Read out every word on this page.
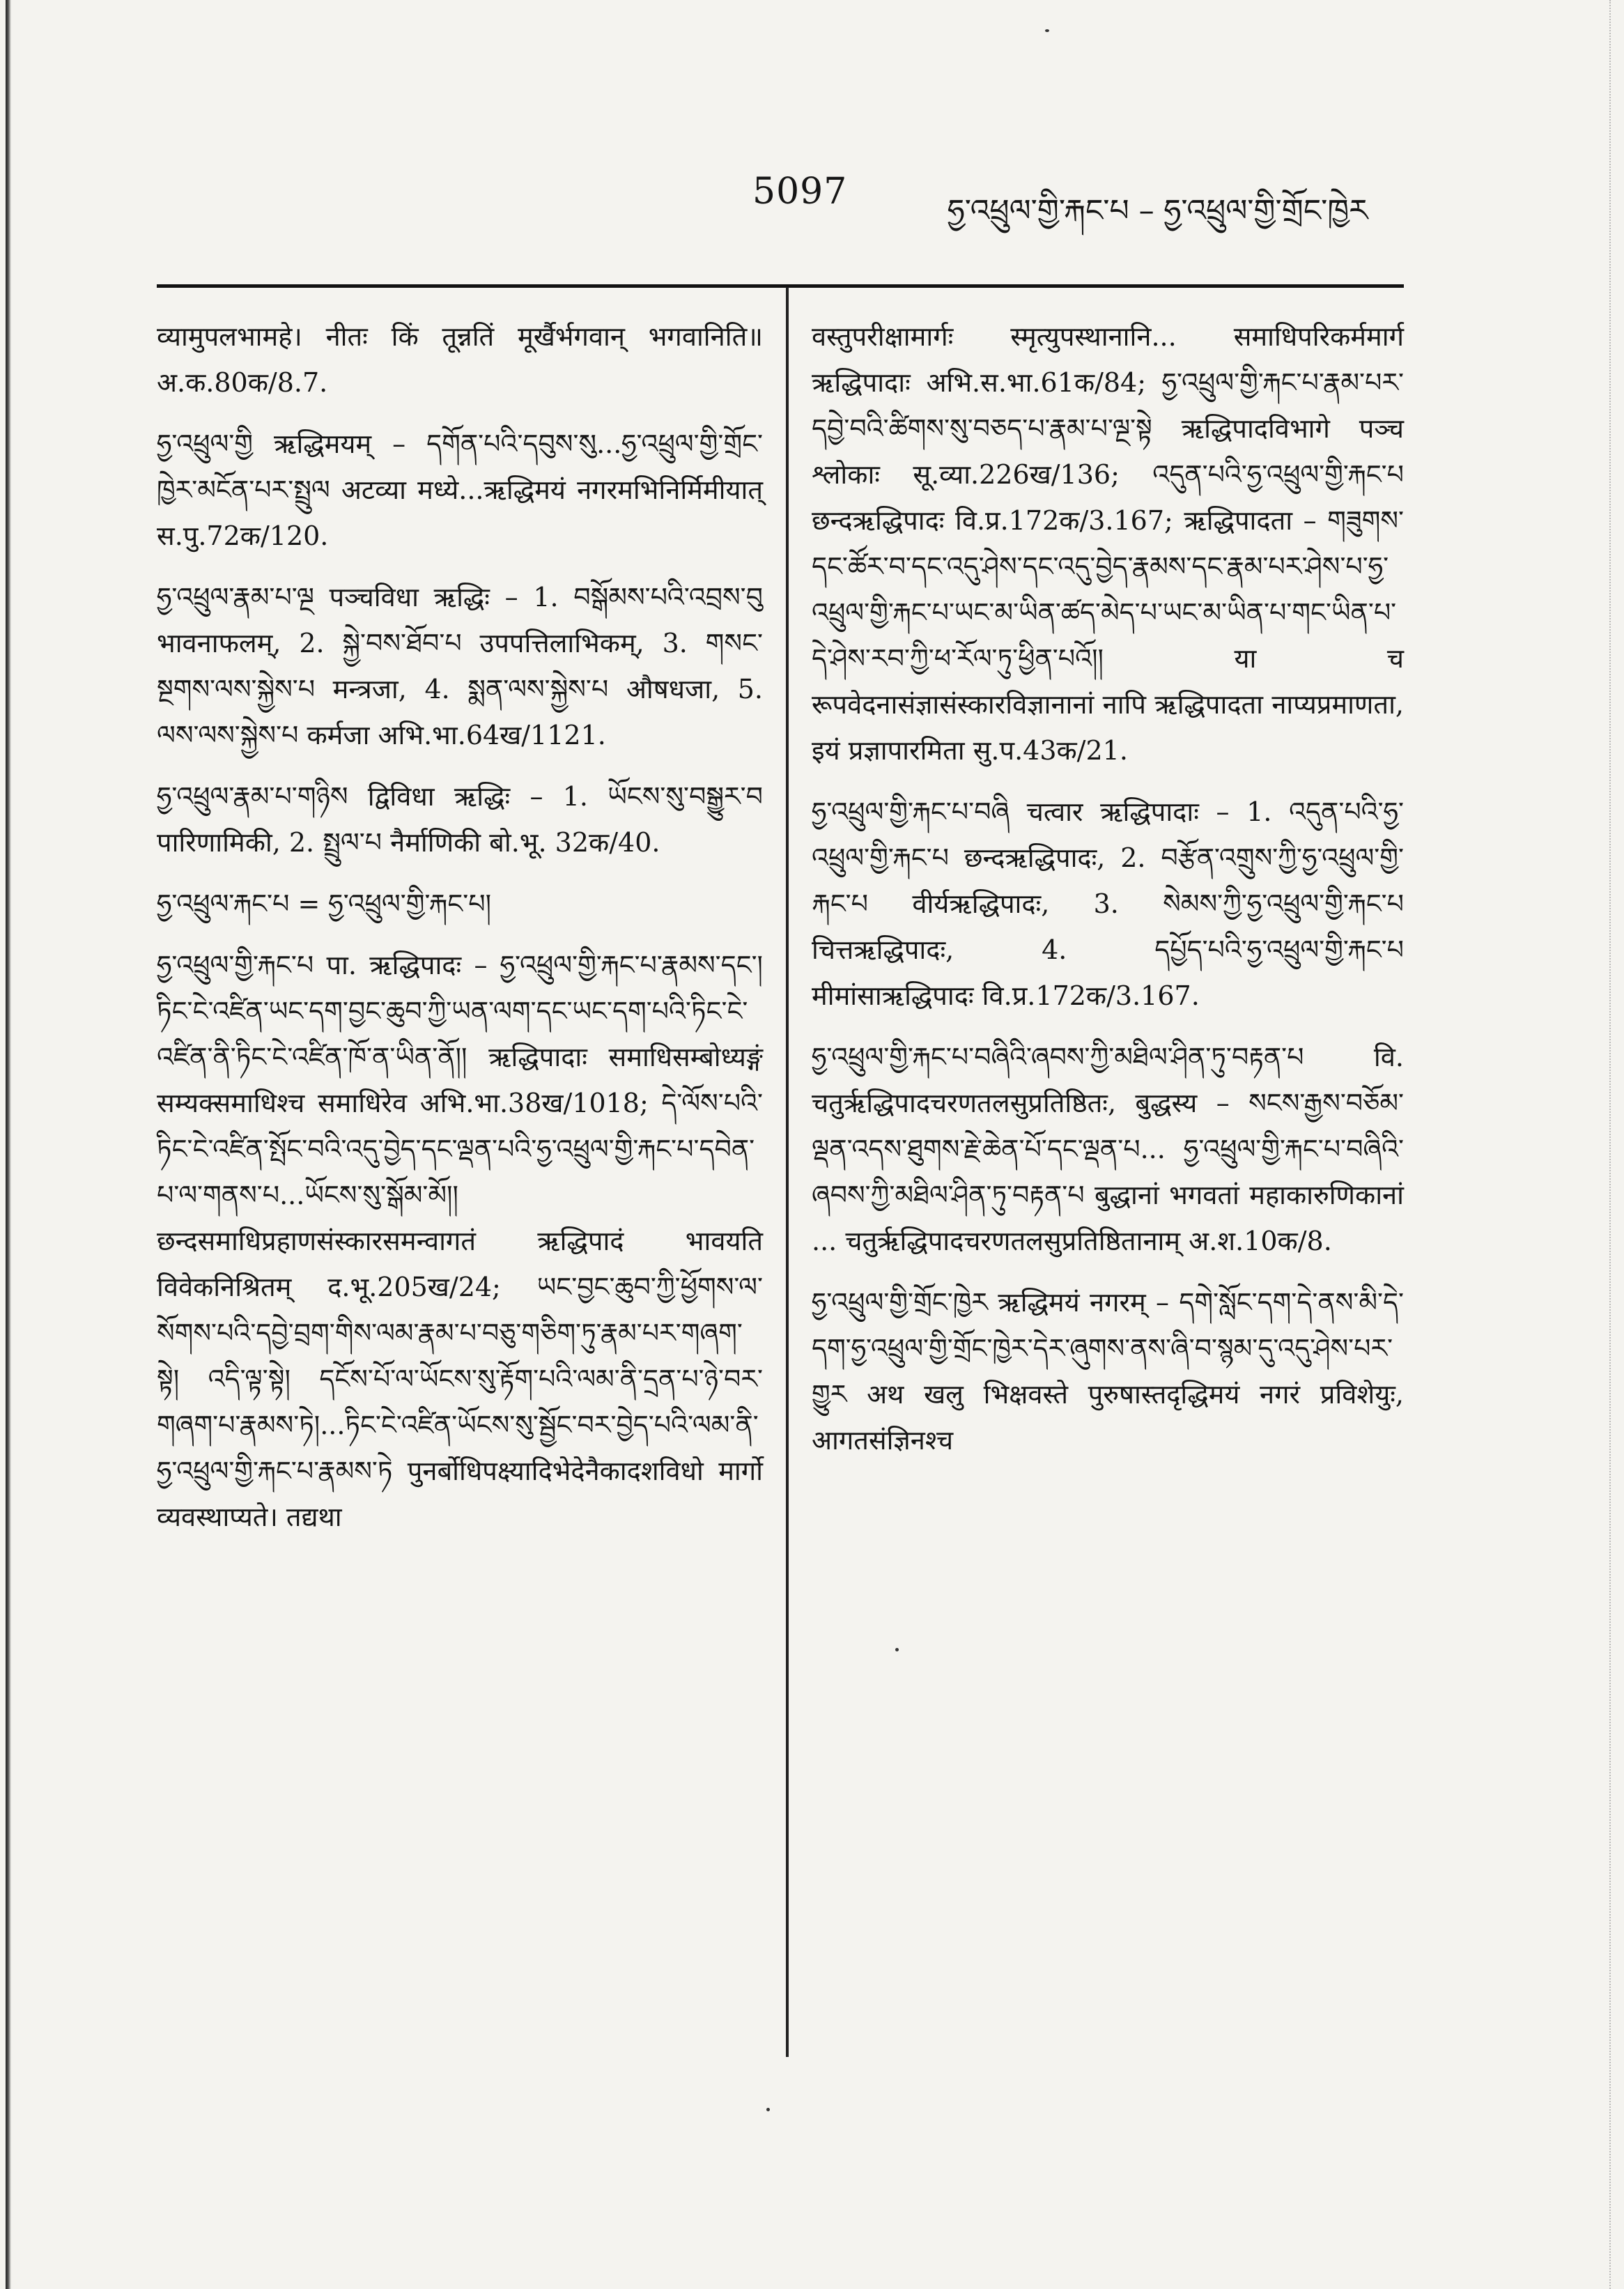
5097	ཧྱ་འཕྲུལ་གྱི་རྐང་པ – ཧྱ་འཕྲུལ་གྱི་གྲོང་ཁྱེར

व्यामुपलभामहे। नीतः किं तून्नतिं मूर्खैर्भगवान् भगवानिति॥ अ.क.80क/8.7.

ཧྱ་འཕྲུལ་གྱི ऋद्धिमयम् – དགོན་པའི་དབུས་སུ...ཧྱ་འཕྲུལ་གྱི་གྲོང་ཁྱེར་མངོན་པར་སྤྲུལ अटव्या मध्ये...ऋद्धिमयं नगरमभिनिर्मिमीयात् स.पु.72क/120.

ཧྱ་འཕྲུལ་རྣམ་པ་ལྔ पञ्चविधा ऋद्धिः – 1. བསྒོམས་པའི་འབྲས་བུ भावनाफलम्, 2. སྐྱེ་བས་ཐོབ་པ उपपत्तिलाभिकम्, 3. གསང་སྔགས་ལས་སྐྱེས་པ मन्त्रजा, 4. སྨན་ལས་སྐྱེས་པ औषधजा, 5. ལས་ལས་སྐྱེས་པ कर्मजा अभि.भा.64ख/1121.

ཧྱ་འཕྲུལ་རྣམ་པ་གཉིས द्विविधा ऋद्धिः – 1. ཡོངས་སུ་བསྒྱུར་བ पारिणामिकी, 2. སྤྲུལ་པ नैर्माणिकी बो.भू. 32क/40.

ཧྱ་འཕྲུལ་རྐང་པ = ཧྱ་འཕྲུལ་གྱི་རྐང་པ།

ཧྱ་འཕྲུལ་གྱི་རྐང་པ पा. ऋद्धिपादः – ཧྱ་འཕྲུལ་གྱི་རྐང་པ་རྣམས་དང་། ཏིང་ངེ་འཛིན་ཡང་དག་བྱང་ཆུབ་ཀྱི་ཡན་ལག་དང་ཡང་དག་པའི་ཏིང་ངེ་འཛིན་ནི་ཏིང་ངེ་འཛིན་ཁོ་ན་ཡིན་ནོ།། ऋद्धिपादाः समाधिसम्बोध्यङ्गं सम्यक्समाधिश्च समाधिरेव अभि.भा.38ख/1018; དེ་ལོས་པའི་ཏིང་ངེ་འཛིན་སྤོང་བའི་འདུ་བྱེད་དང་ལྡན་པའི་ཧྱ་འཕྲུལ་གྱི་རྐང་པ་དབེན་པ་ལ་གནས་པ...ཡོངས་སུ་སྒོམ་མོ།། छन्दसमाधिप्रहाणसंस्कारसमन्वागतं ऋद्धिपादं भावयति विवेकनिश्रितम् द.भू.205ख/24; ཡང་བྱང་ཆུབ་ཀྱི་ཕྱོགས་ལ་སོགས་པའི་དབྱེ་བྲག་གིས་ལམ་རྣམ་པ་བཅུ་གཅིག་ཏུ་རྣམ་པར་གཞག་སྟེ། འདི་ལྟ་སྟེ། དངོས་པོ་ལ་ཡོངས་སུ་རྟོག་པའི་ལམ་ནི་དྲན་པ་ཉེ་བར་གཞག་པ་རྣམས་ཏེ།...ཏིང་ངེ་འཛིན་ཡོངས་སུ་སྦྱོང་བར་བྱེད་པའི་ལམ་ནི་ཧྱ་འཕྲུལ་གྱི་རྐང་པ་རྣམས་ཏེ पुनर्बोधिपक्ष्यादिभेदेनैकादशविधो मार्गो व्यवस्थाप्यते। तद्यथा

वस्तुपरीक्षामार्गः स्मृत्युपस्थानानि... समाधिपरिकर्ममार्ग ऋद्धिपादाः अभि.स.भा.61क/84; ཧྱ་འཕྲུལ་གྱི་རྐང་པ་རྣམ་པར་དབྱེ་བའི་ཚིགས་སུ་བཅད་པ་རྣམ་པ་ལྔ་སྟེ ऋद्धिपादविभागे पञ्च श्लोकाः सू.व्या.226ख/136; འདུན་པའི་ཧྱ་འཕྲུལ་གྱི་རྐང་པ छन्दऋद्धिपादः वि.प्र.172क/3.167; ऋद्धिपादता – གཟུགས་དང་ཚོར་བ་དང་འདུ་ཤེས་དང་འདུ་བྱེད་རྣམས་དང་རྣམ་པར་ཤེས་པ་ཧྱ་འཕྲུལ་གྱི་རྐང་པ་ཡང་མ་ཡིན་ཚད་མེད་པ་ཡང་མ་ཡིན་པ་གང་ཡིན་པ་དེ་ཤེས་རབ་ཀྱི་ཕ་རོལ་ཏུ་ཕྱིན་པའོ།། या च रूपवेदनासंज्ञासंस्कारविज्ञानानां नापि ऋद्धिपादता नाप्यप्रमाणता, इयं प्रज्ञापारमिता सु.प.43क/21.

ཧྱ་འཕྲུལ་གྱི་རྐང་པ་བཞི चत्वार ऋद्धिपादाः – 1. འདུན་པའི་ཧྱ་འཕྲུལ་གྱི་རྐང་པ छन्दऋद्धिपादः, 2. བརྩོན་འགྲུས་ཀྱི་ཧྱ་འཕྲུལ་གྱི་རྐང་པ वीर्यऋद्धिपादः, 3. སེམས་ཀྱི་ཧྱ་འཕྲུལ་གྱི་རྐང་པ चित्तऋद्धिपादः, 4. དཔྱོད་པའི་ཧྱ་འཕྲུལ་གྱི་རྐང་པ मीमांसाऋद्धिपादः वि.प्र.172क/3.167.

ཧྱ་འཕྲུལ་གྱི་རྐང་པ་བཞིའི་ཞབས་ཀྱི་མཐིལ་ཤིན་ཏུ་བརྟན་པ वि. चतुर्ऋद्धिपादचरणतलसुप्रतिष्ठितः, बुद्धस्य – སངས་རྒྱས་བཅོམ་ལྡན་འདས་ཐུགས་རྗེ་ཆེན་པོ་དང་ལྡན་པ... ཧྱ་འཕྲུལ་གྱི་རྐང་པ་བཞིའི་ཞབས་ཀྱི་མཐིལ་ཤིན་ཏུ་བརྟན་པ बुद्धानां भगवतां महाकारुणिकानां ... चतुर्ऋद्धिपादचरणतलसुप्रतिष्ठितानाम् अ.श.10क/8.

ཧྱ་འཕྲུལ་གྱི་གྲོང་ཁྱེར ऋद्धिमयं नगरम् – དགེ་སློང་དག་དེ་ནས་མི་དེ་དག་ཧྱ་འཕྲུལ་གྱི་གྲོང་ཁྱེར་དེར་ཞུགས་ནས་ཞི་བ་སྙམ་དུ་འདུ་ཤེས་པར་གྱུར अथ खलु भिक्षवस्ते पुरुषास्तदृद्धिमयं नगरं प्रविशेयुः, आगतसंज्ञिनश्च
